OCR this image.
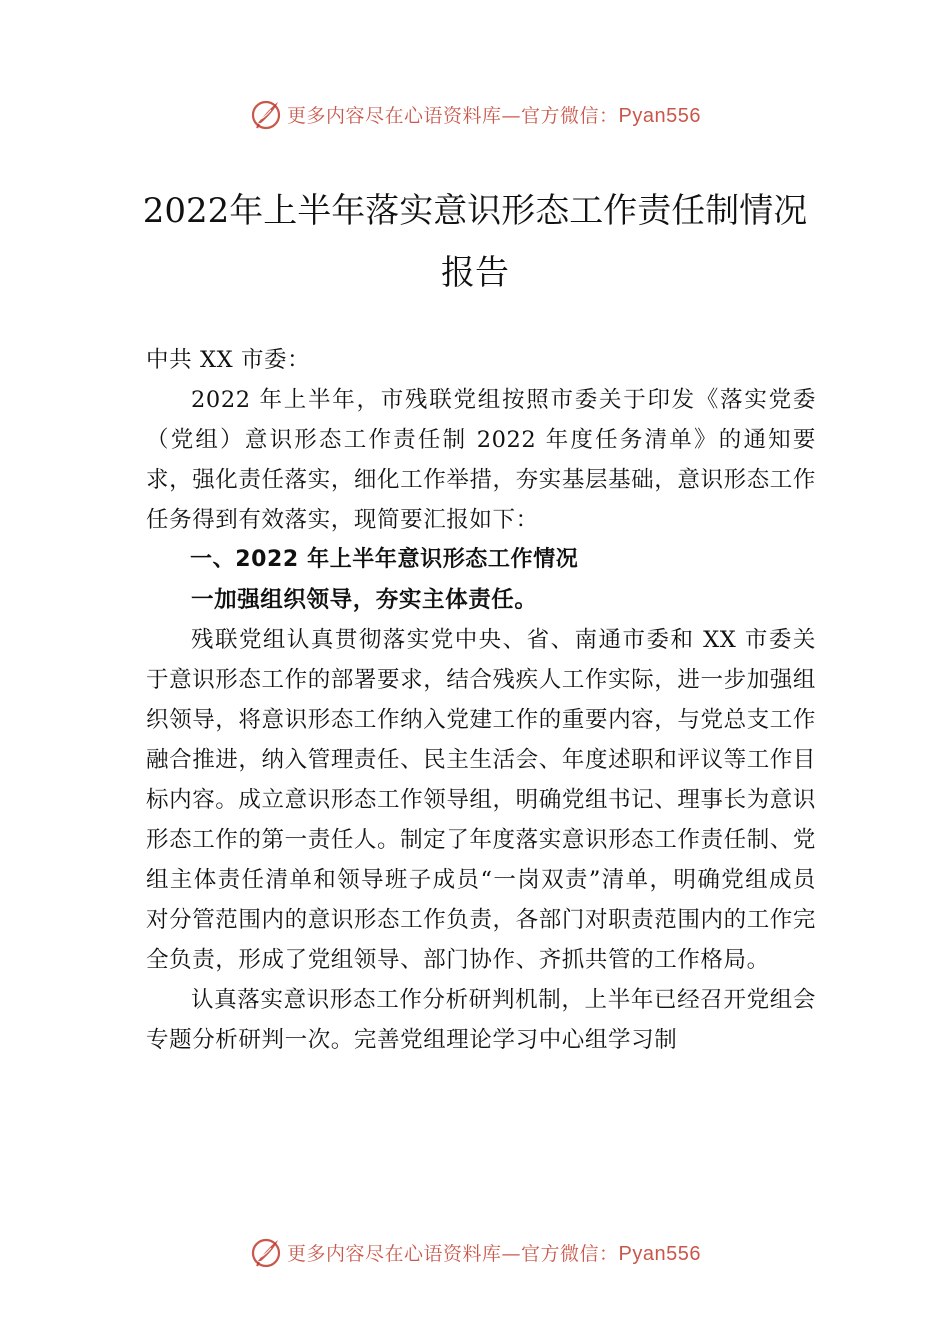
更多内容尽在心语资料库—官方微信：Pyan556
2022年上半年落实意识形态工作责任制情况报告

中共 XX 市委：

2022 年上半年，市残联党组按照市委关于印发《落实党委（党组）意识形态工作责任制 2022 年度任务清单》的通知要求，强化责任落实，细化工作举措，夯实基层基础，意识形态工作任务得到有效落实，现简要汇报如下：

一、2022 年上半年意识形态工作情况

一加强组织领导，夯实主体责任。

残联党组认真贯彻落实党中央、省、南通市委和 XX 市委关于意识形态工作的部署要求，结合残疾人工作实际，进一步加强组织领导，将意识形态工作纳入党建工作的重要内容，与党总支工作融合推进，纳入管理责任、民主生活会、年度述职和评议等工作目标内容。成立意识形态工作领导组，明确党组书记、理事长为意识形态工作的第一责任人。制定了年度落实意识形态工作责任制、党组主体责任清单和领导班子成员“一岗双责”清单，明确党组成员对分管范围内的意识形态工作负责，各部门对职责范围内的工作完全负责，形成了党组领导、部门协作、齐抓共管的工作格局。

认真落实意识形态工作分析研判机制，上半年已经召开党组会专题分析研判一次。完善党组理论学习中心组学习制

更多内容尽在心语资料库—官方微信：Pyan556
